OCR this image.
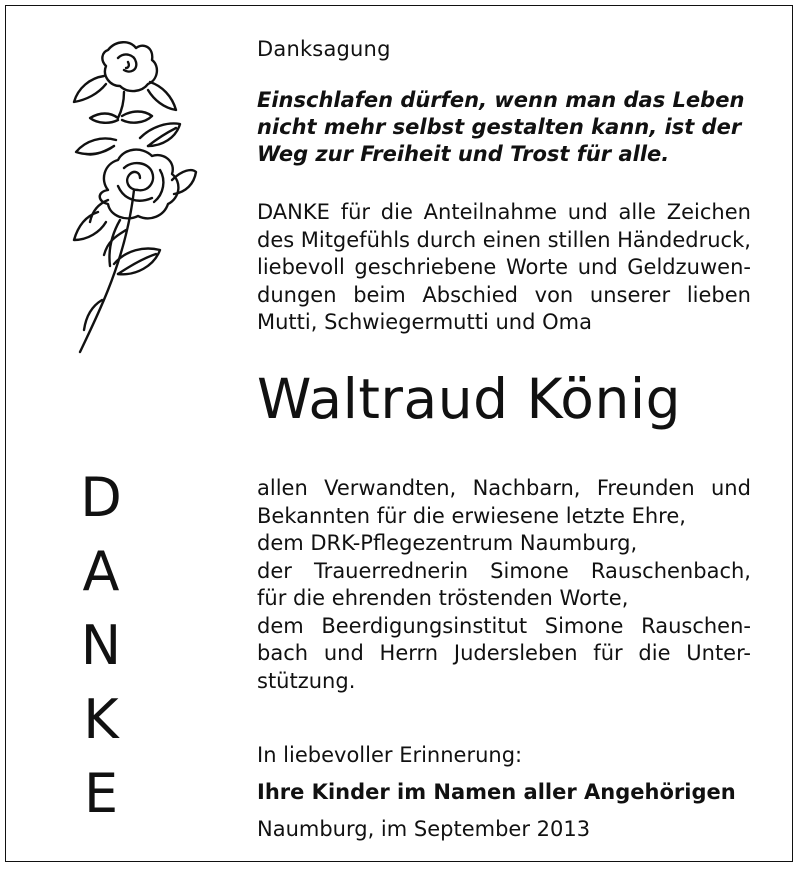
Danksagung
Einschlafen dürfen, wenn man das Leben
nicht mehr selbst gestalten kann, ist der
Weg zur Freiheit und Trost für alle.
DANKE für die Anteilnahme und alle Zeichen
des Mitgefühls durch einen stillen Händedruck,
liebevoll geschriebene Worte und Geldzuwen-
dungen beim Abschied von unserer lieben
Mutti, Schwiegermutti und Oma
Waltraud König
D
A
N
K
E
allen Verwandten, Nachbarn, Freunden und
Bekannten für die erwiesene letzte Ehre,
dem DRK-Pflegezentrum Naumburg,
der Trauerrednerin Simone Rauschenbach,
für die ehrenden tröstenden Worte,
dem Beerdigungsinstitut Simone Rauschen-
bach und Herrn Judersleben für die Unter-
stützung.
In liebevoller Erinnerung:
Ihre Kinder im Namen aller Angehörigen
Naumburg, im September 2013
